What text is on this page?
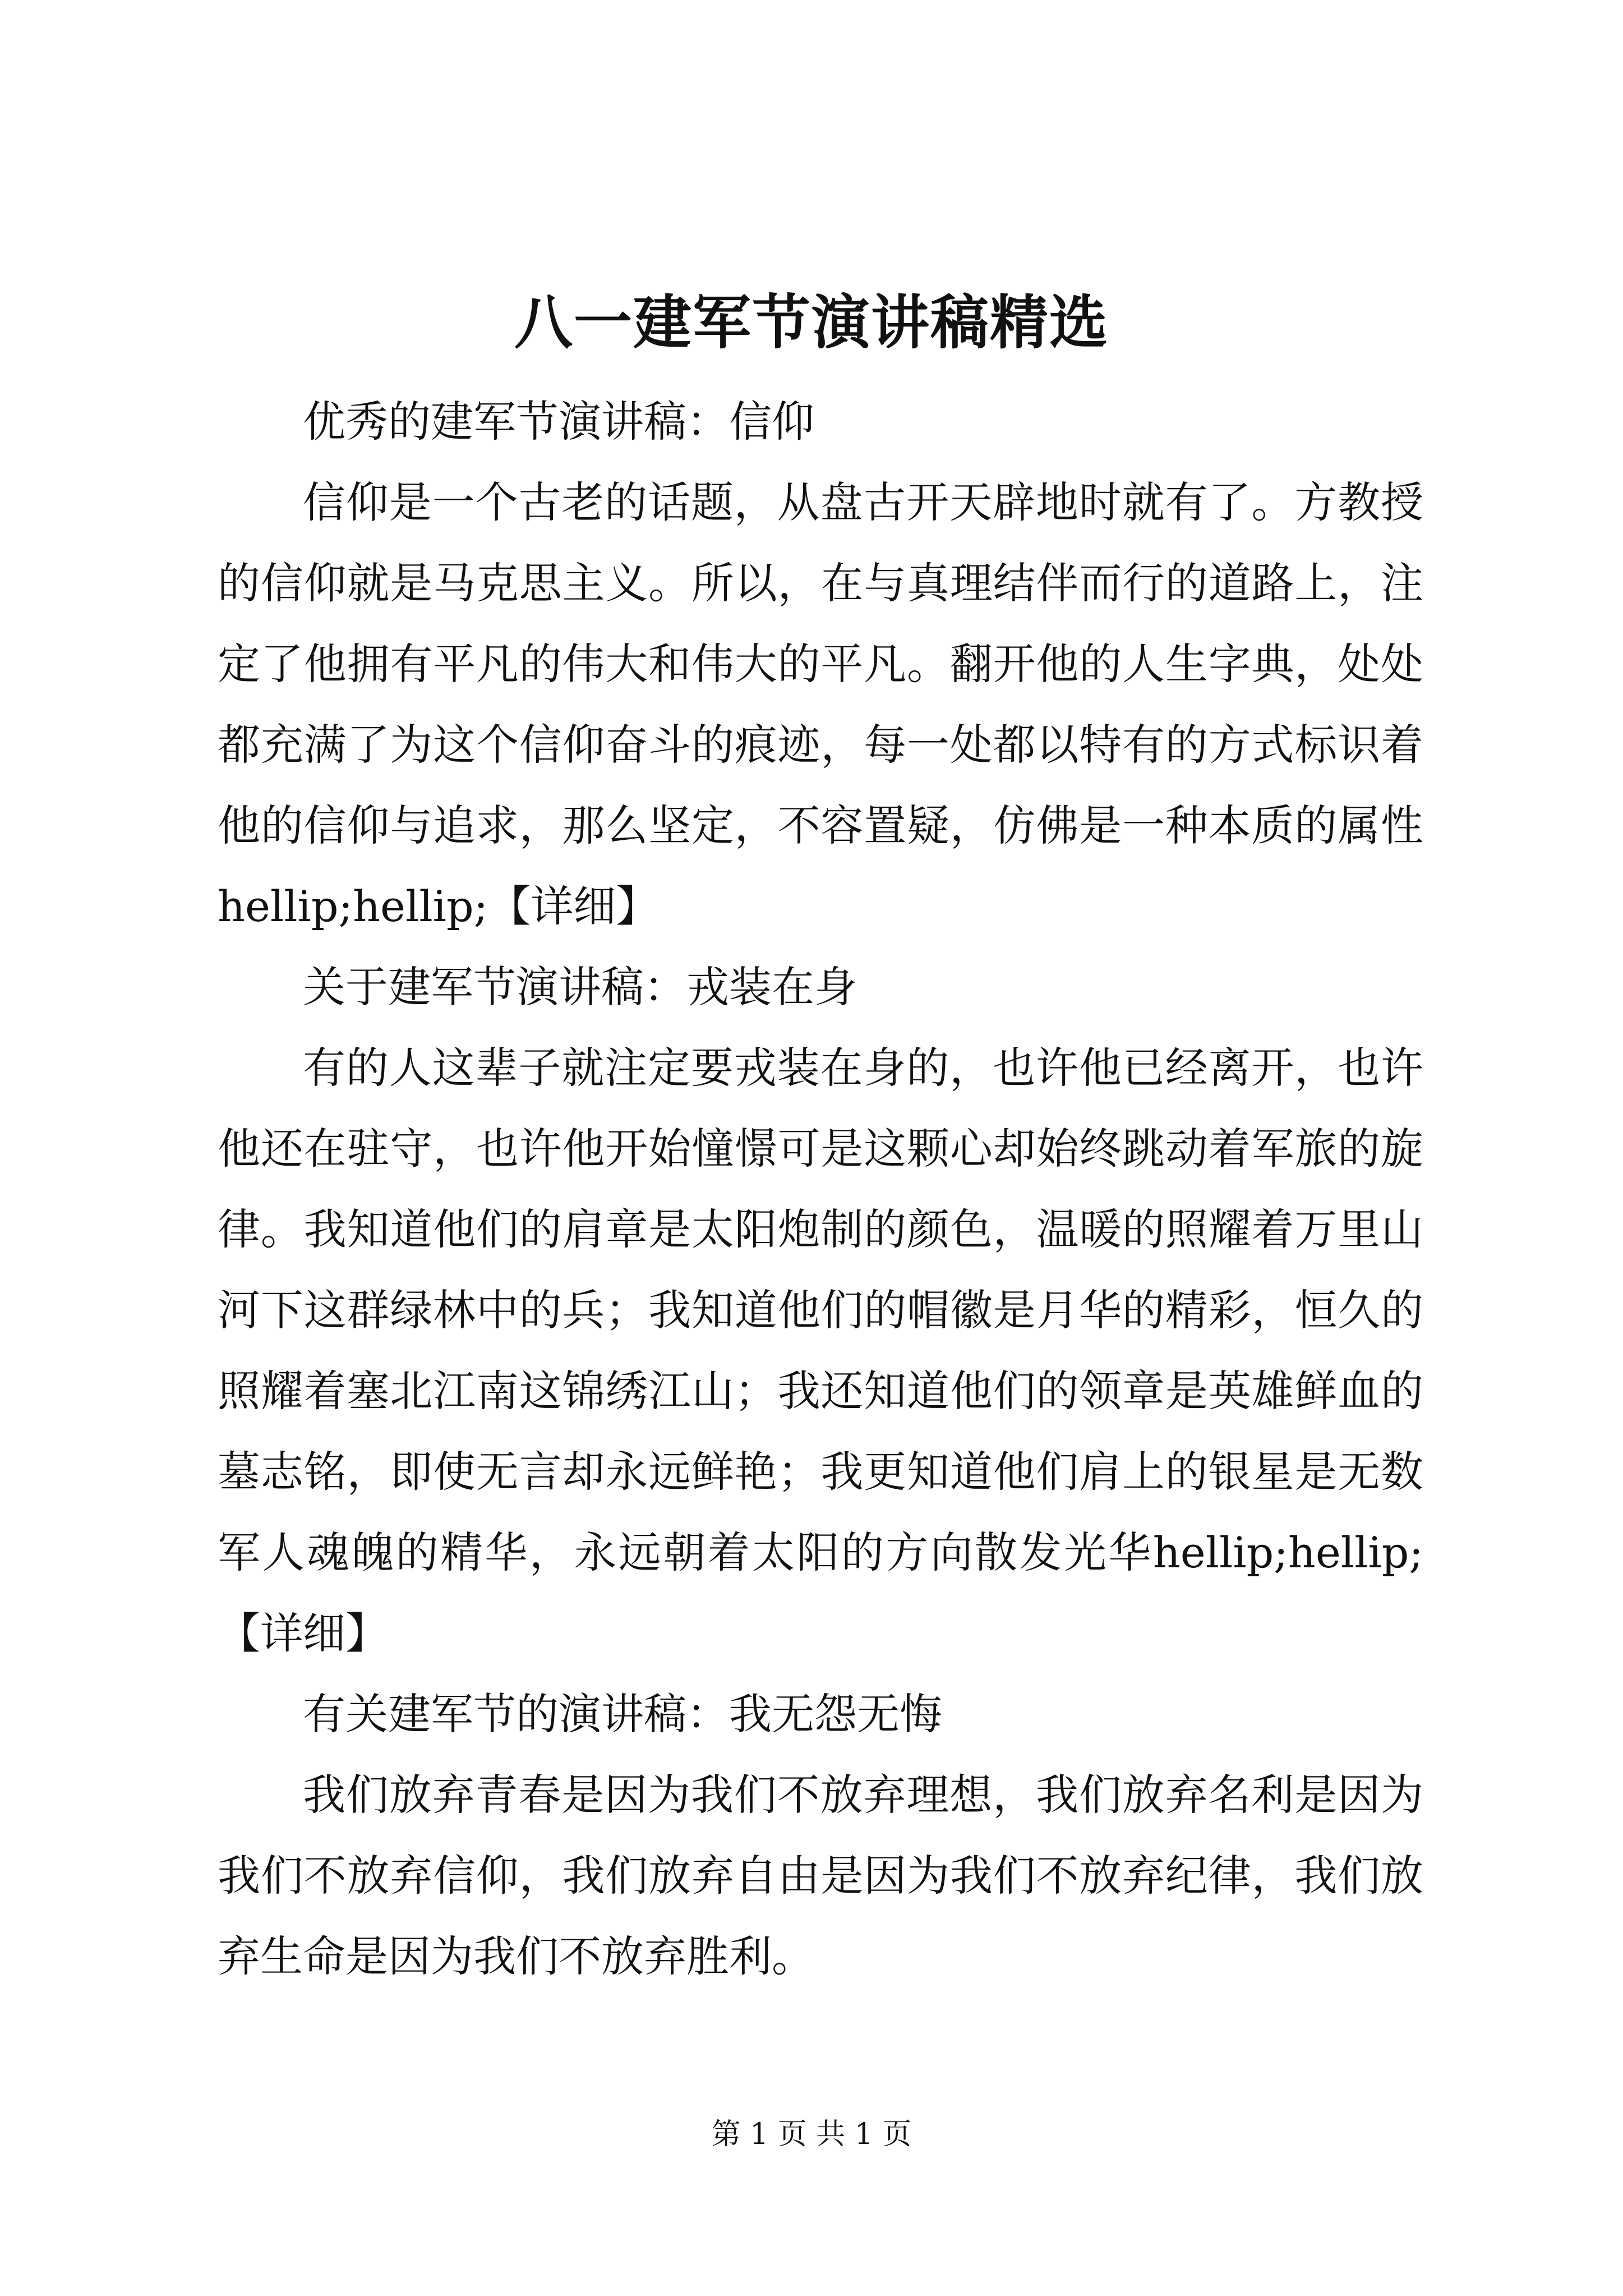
八一建军节演讲稿精选

优秀的建军节演讲稿：信仰

信仰是一个古老的话题，从盘古开天辟地时就有了。方教授的信仰就是马克思主义。所以，在与真理结伴而行的道路上，注定了他拥有平凡的伟大和伟大的平凡。翻开他的人生字典，处处都充满了为这个信仰奋斗的痕迹，每一处都以特有的方式标识着他的信仰与追求，那么坚定，不容置疑，仿佛是一种本质的属性hellip;hellip;【详细】

关于建军节演讲稿：戎装在身

有的人这辈子就注定要戎装在身的，也许他已经离开，也许他还在驻守，也许他开始憧憬可是这颗心却始终跳动着军旅的旋律。我知道他们的肩章是太阳炮制的颜色，温暖的照耀着万里山河下这群绿林中的兵；我知道他们的帽徽是月华的精彩，恒久的照耀着塞北江南这锦绣江山；我还知道他们的领章是英雄鲜血的墓志铭，即使无言却永远鲜艳；我更知道他们肩上的银星是无数军人魂魄的精华，永远朝着太阳的方向散发光华hellip;hellip;【详细】

有关建军节的演讲稿：我无怨无悔

我们放弃青春是因为我们不放弃理想，我们放弃名利是因为我们不放弃信仰，我们放弃自由是因为我们不放弃纪律，我们放弃生命是因为我们不放弃胜利。

第 1 页 共 1 页
